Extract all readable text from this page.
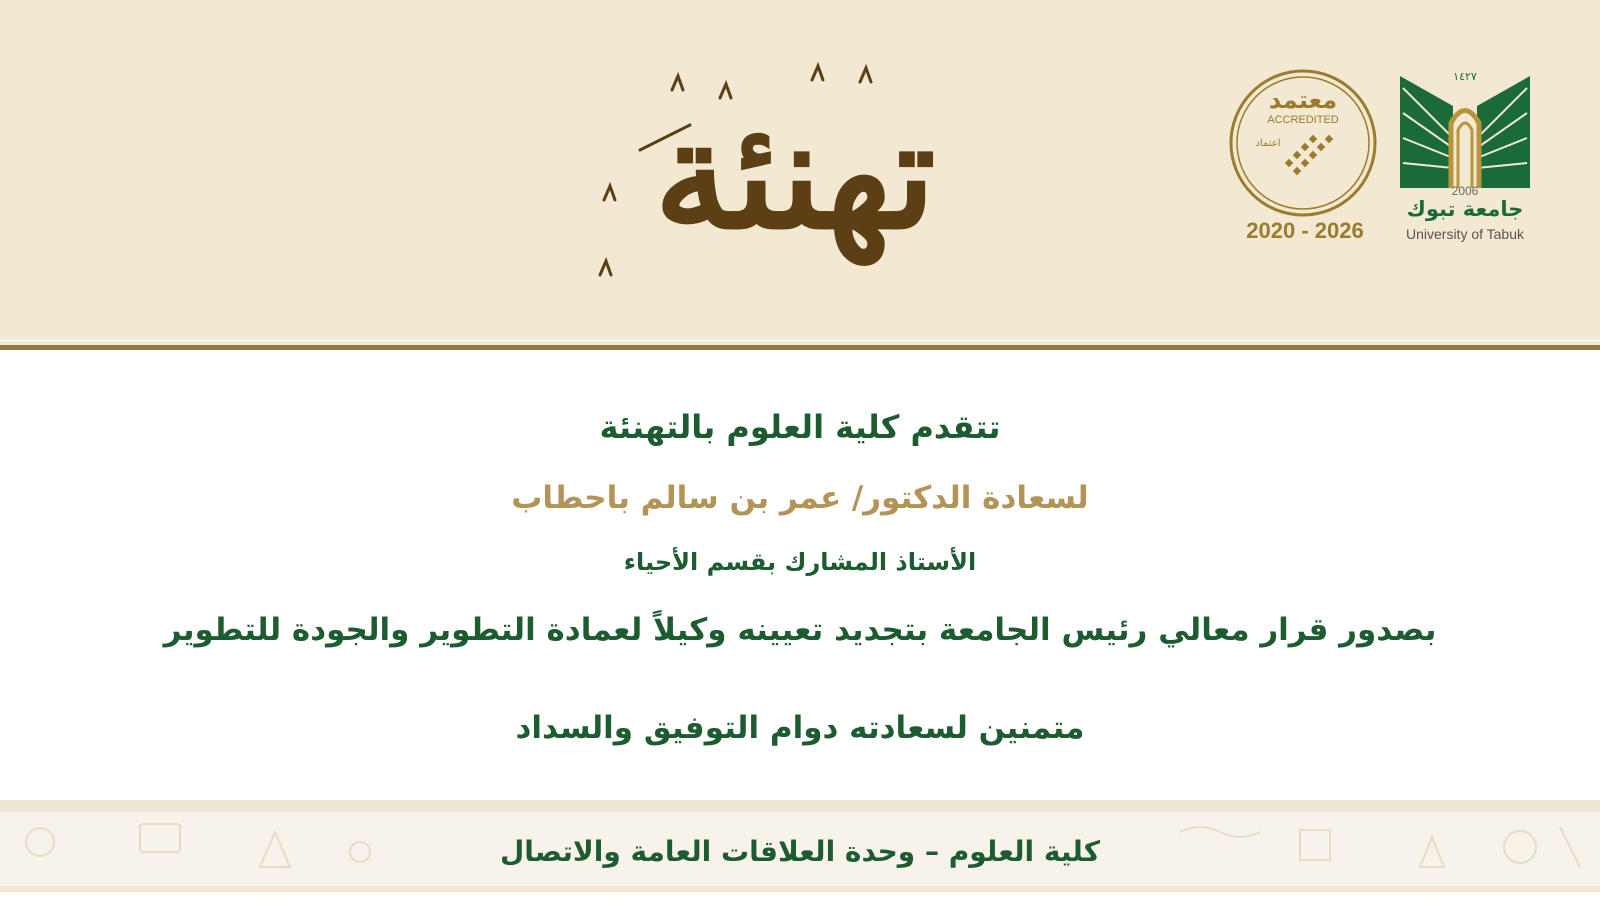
تهنئة	معتمد
ACCREDITED
اعتماد
2020 - 2026
١٤٢٧
2006
جامعة تبوك
University of Tabuk
تتقدم كلية العلوم بالتهنئة
لسعادة الدكتور/ عمر بن سالم باحطاب
الأستاذ المشارك بقسم الأحياء
بصدور قرار معالي رئيس الجامعة بتجديد تعيينه وكيلاً لعمادة التطوير والجودة للتطوير
متمنين لسعادته دوام التوفيق والسداد
كلية العلوم – وحدة العلاقات العامة والاتصال
